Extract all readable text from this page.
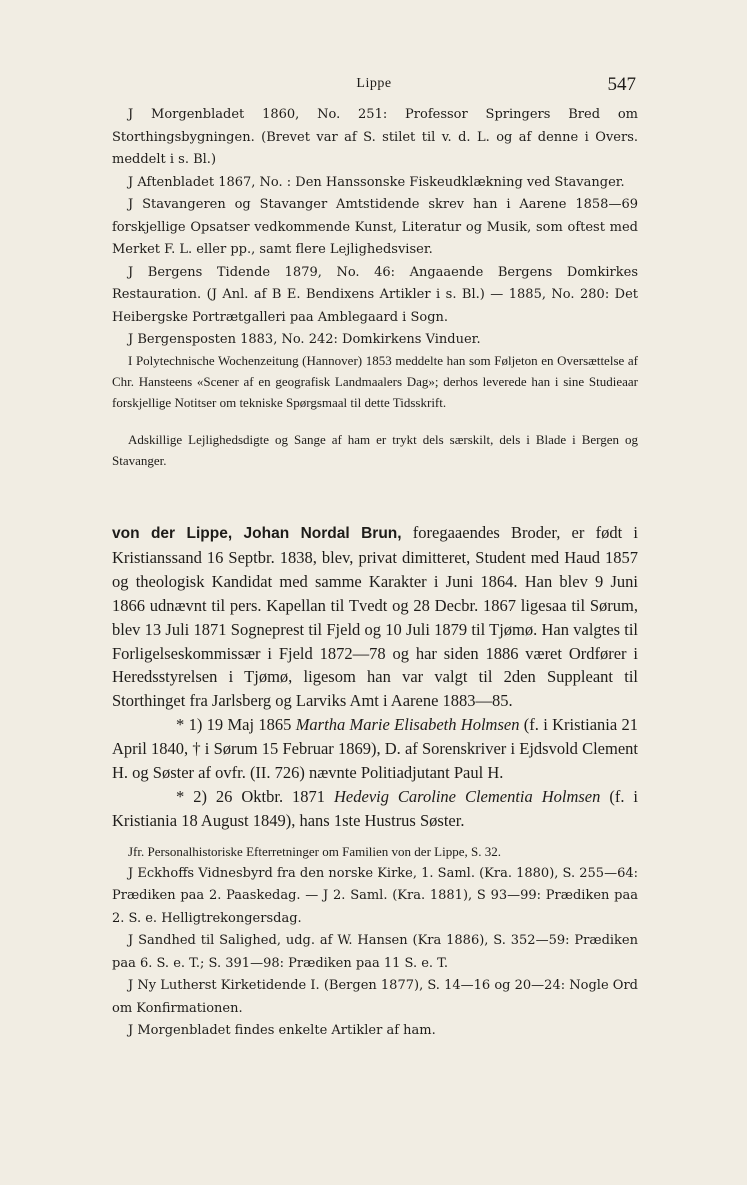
Lippe	547

J Morgenbladet 1860, No. 251: Professor Springers Bred om Storthingsbygningen. (Brevet var af S. stilet til v. d. L. og af denne i Overs. meddelt i s. Bl.)

J Aftenbladet 1867, No. : Den Hanssonske Fiskeudklækning ved Stavanger.

J Stavangeren og Stavanger Amtstidende skrev han i Aarene 1858—69 forskjellige Opsatser vedkommende Kunst, Literatur og Musik, som oftest med Merket F. L. eller pp., samt flere Lejlighedsviser.

J Bergens Tidende 1879, No. 46: Angaaende Bergens Domkirkes Restauration. (J Anl. af B E. Bendixens Artikler i s. Bl.) — 1885, No. 280: Det Heibergske Portrætgalleri paa Amblegaard i Sogn.

J Bergensposten 1883, No. 242: Domkirkens Vinduer.

I Polytechnische Wochenzeitung (Hannover) 1853 meddelte han som Føljeton en Oversættelse af Chr. Hansteens «Scener af en geografisk Landmaalers Dag»; derhos leverede han i sine Studieaar forskjellige Notitser om tekniske Spørgsmaal til dette Tidsskrift.

Adskillige Lejlighedsdigte og Sange af ham er trykt dels særskilt, dels i Blade i Bergen og Stavanger.

von der Lippe, Johan Nordal Brun, foregaaendes Broder, er født i Kristianssand 16 Septbr. 1838, blev, privat dimitteret, Student med Haud 1857 og theologisk Kandidat med samme Karakter i Juni 1864. Han blev 9 Juni 1866 udnævnt til pers. Kapellan til Tvedt og 28 Decbr. 1867 ligesaa til Sørum, blev 13 Juli 1871 Sogneprest til Fjeld og 10 Juli 1879 til Tjømø. Han valgtes til Forligelseskommissær i Fjeld 1872—78 og har siden 1886 været Ordfører i Heredsstyrelsen i Tjømø, ligesom han var valgt til 2den Suppleant til Storthinget fra Jarlsberg og Larviks Amt i Aarene 1883—85.

* 1) 19 Maj 1865 Martha Marie Elisabeth Holmsen (f. i Kristiania 21 April 1840, † i Sørum 15 Februar 1869), D. af Sorenskriver i Ejdsvold Clement H. og Søster af ovfr. (II. 726) nævnte Politiadjutant Paul H.

* 2) 26 Oktbr. 1871 Hedevig Caroline Clementia Holmsen (f. i Kristiania 18 August 1849), hans 1ste Hustrus Søster.

Jfr. Personalhistoriske Efterretninger om Familien von der Lippe, S. 32.

J Eckhoffs Vidnesbyrd fra den norske Kirke, 1. Saml. (Kra. 1880), S. 255—64: Prædiken paa 2. Paaskedag. — J 2. Saml. (Kra. 1881), S 93—99: Prædiken paa 2. S. e. Helligtrekongersdag.

J Sandhed til Salighed, udg. af W. Hansen (Kra 1886), S. 352—59: Prædiken paa 6. S. e. T.; S. 391—98: Prædiken paa 11 S. e. T.

J Ny Lutherst Kirketidende I. (Bergen 1877), S. 14—16 og 20—24: Nogle Ord om Konfirmationen.

J Morgenbladet findes enkelte Artikler af ham.
